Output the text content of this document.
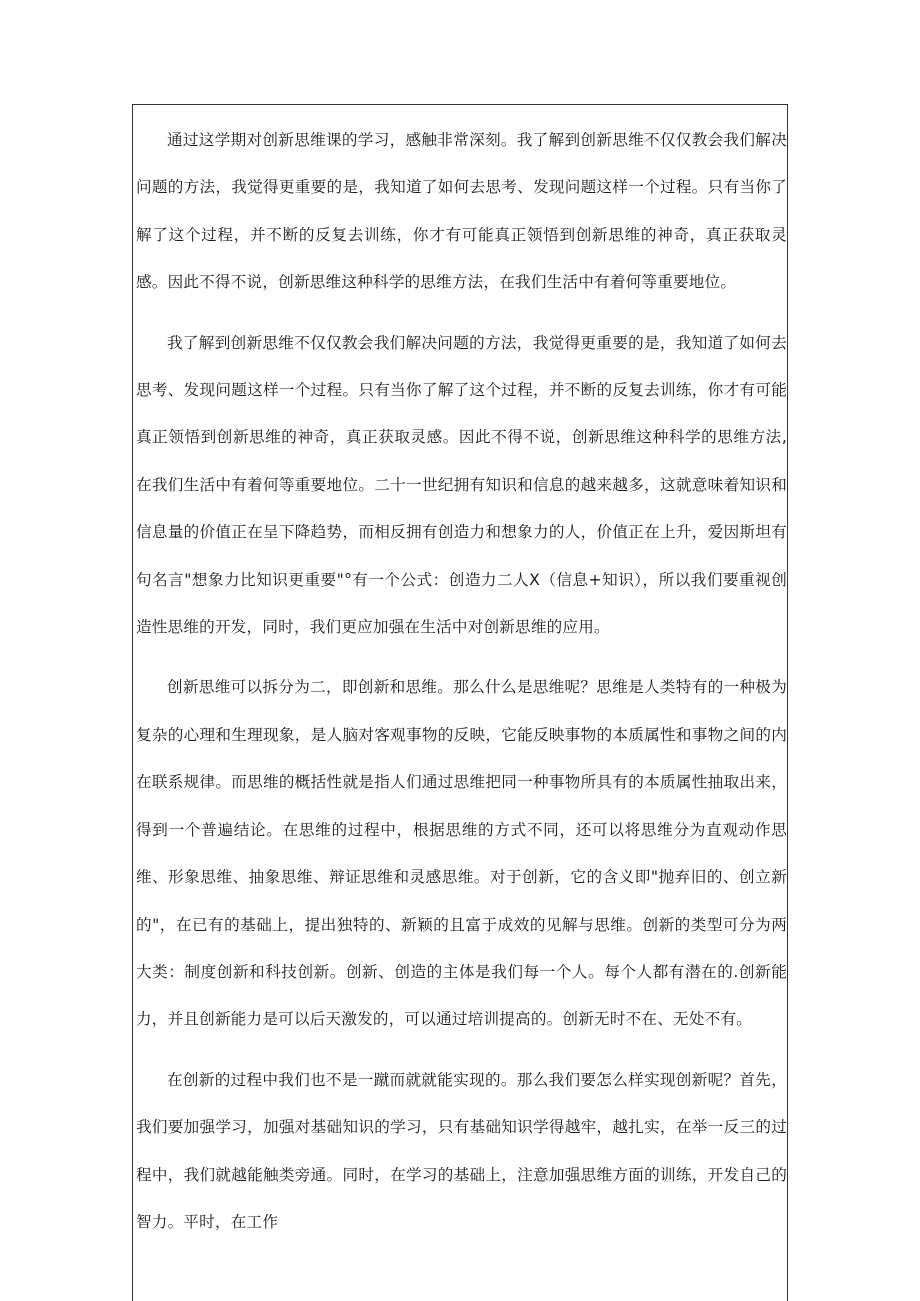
通过这学期对创新思维课的学习，感触非常深刻。我了解到创新思维不仅仅教会我们解决问题的方法，我觉得更重要的是，我知道了如何去思考、发现问题这样一个过程。只有当你了解了这个过程，并不断的反复去训练，你才有可能真正领悟到创新思维的神奇，真正获取灵感。因此不得不说，创新思维这种科学的思维方法，在我们生活中有着何等重要地位。

我了解到创新思维不仅仅教会我们解决问题的方法，我觉得更重要的是，我知道了如何去思考、发现问题这样一个过程。只有当你了解了这个过程，并不断的反复去训练，你才有可能真正领悟到创新思维的神奇，真正获取灵感。因此不得不说，创新思维这种科学的思维方法,在我们生活中有着何等重要地位。二十一世纪拥有知识和信息的越来越多，这就意味着知识和信息量的价值正在呈下降趋势，而相反拥有创造力和想象力的人，价值正在上升，爱因斯坦有句名言"想象力比知识更重要"°有一个公式：创造力二人X（信息+知识），所以我们要重视创造性思维的开发，同时，我们更应加强在生活中对创新思维的应用。

创新思维可以拆分为二，即创新和思维。那么什么是思维呢？思维是人类特有的一种极为复杂的心理和生理现象，是人脑对客观事物的反映，它能反映事物的本质属性和事物之间的内在联系规律。而思维的概括性就是指人们通过思维把同一种事物所具有的本质属性抽取出来，得到一个普遍结论。在思维的过程中，根据思维的方式不同，还可以将思维分为直观动作思维、形象思维、抽象思维、辩证思维和灵感思维。对于创新，它的含义即"抛弃旧的、创立新的"，在已有的基础上，提出独特的、新颖的且富于成效的见解与思维。创新的类型可分为两大类：制度创新和科技创新。创新、创造的主体是我们每一个人。每个人都有潜在的.创新能力，并且创新能力是可以后天激发的，可以通过培训提高的。创新无时不在、无处不有。

在创新的过程中我们也不是一蹴而就就能实现的。那么我们要怎么样实现创新呢？首先，我们要加强学习，加强对基础知识的学习，只有基础知识学得越牢，越扎实，在举一反三的过程中，我们就越能触类旁通。同时，在学习的基础上，注意加强思维方面的训练，开发自己的智力。平时，在工作
